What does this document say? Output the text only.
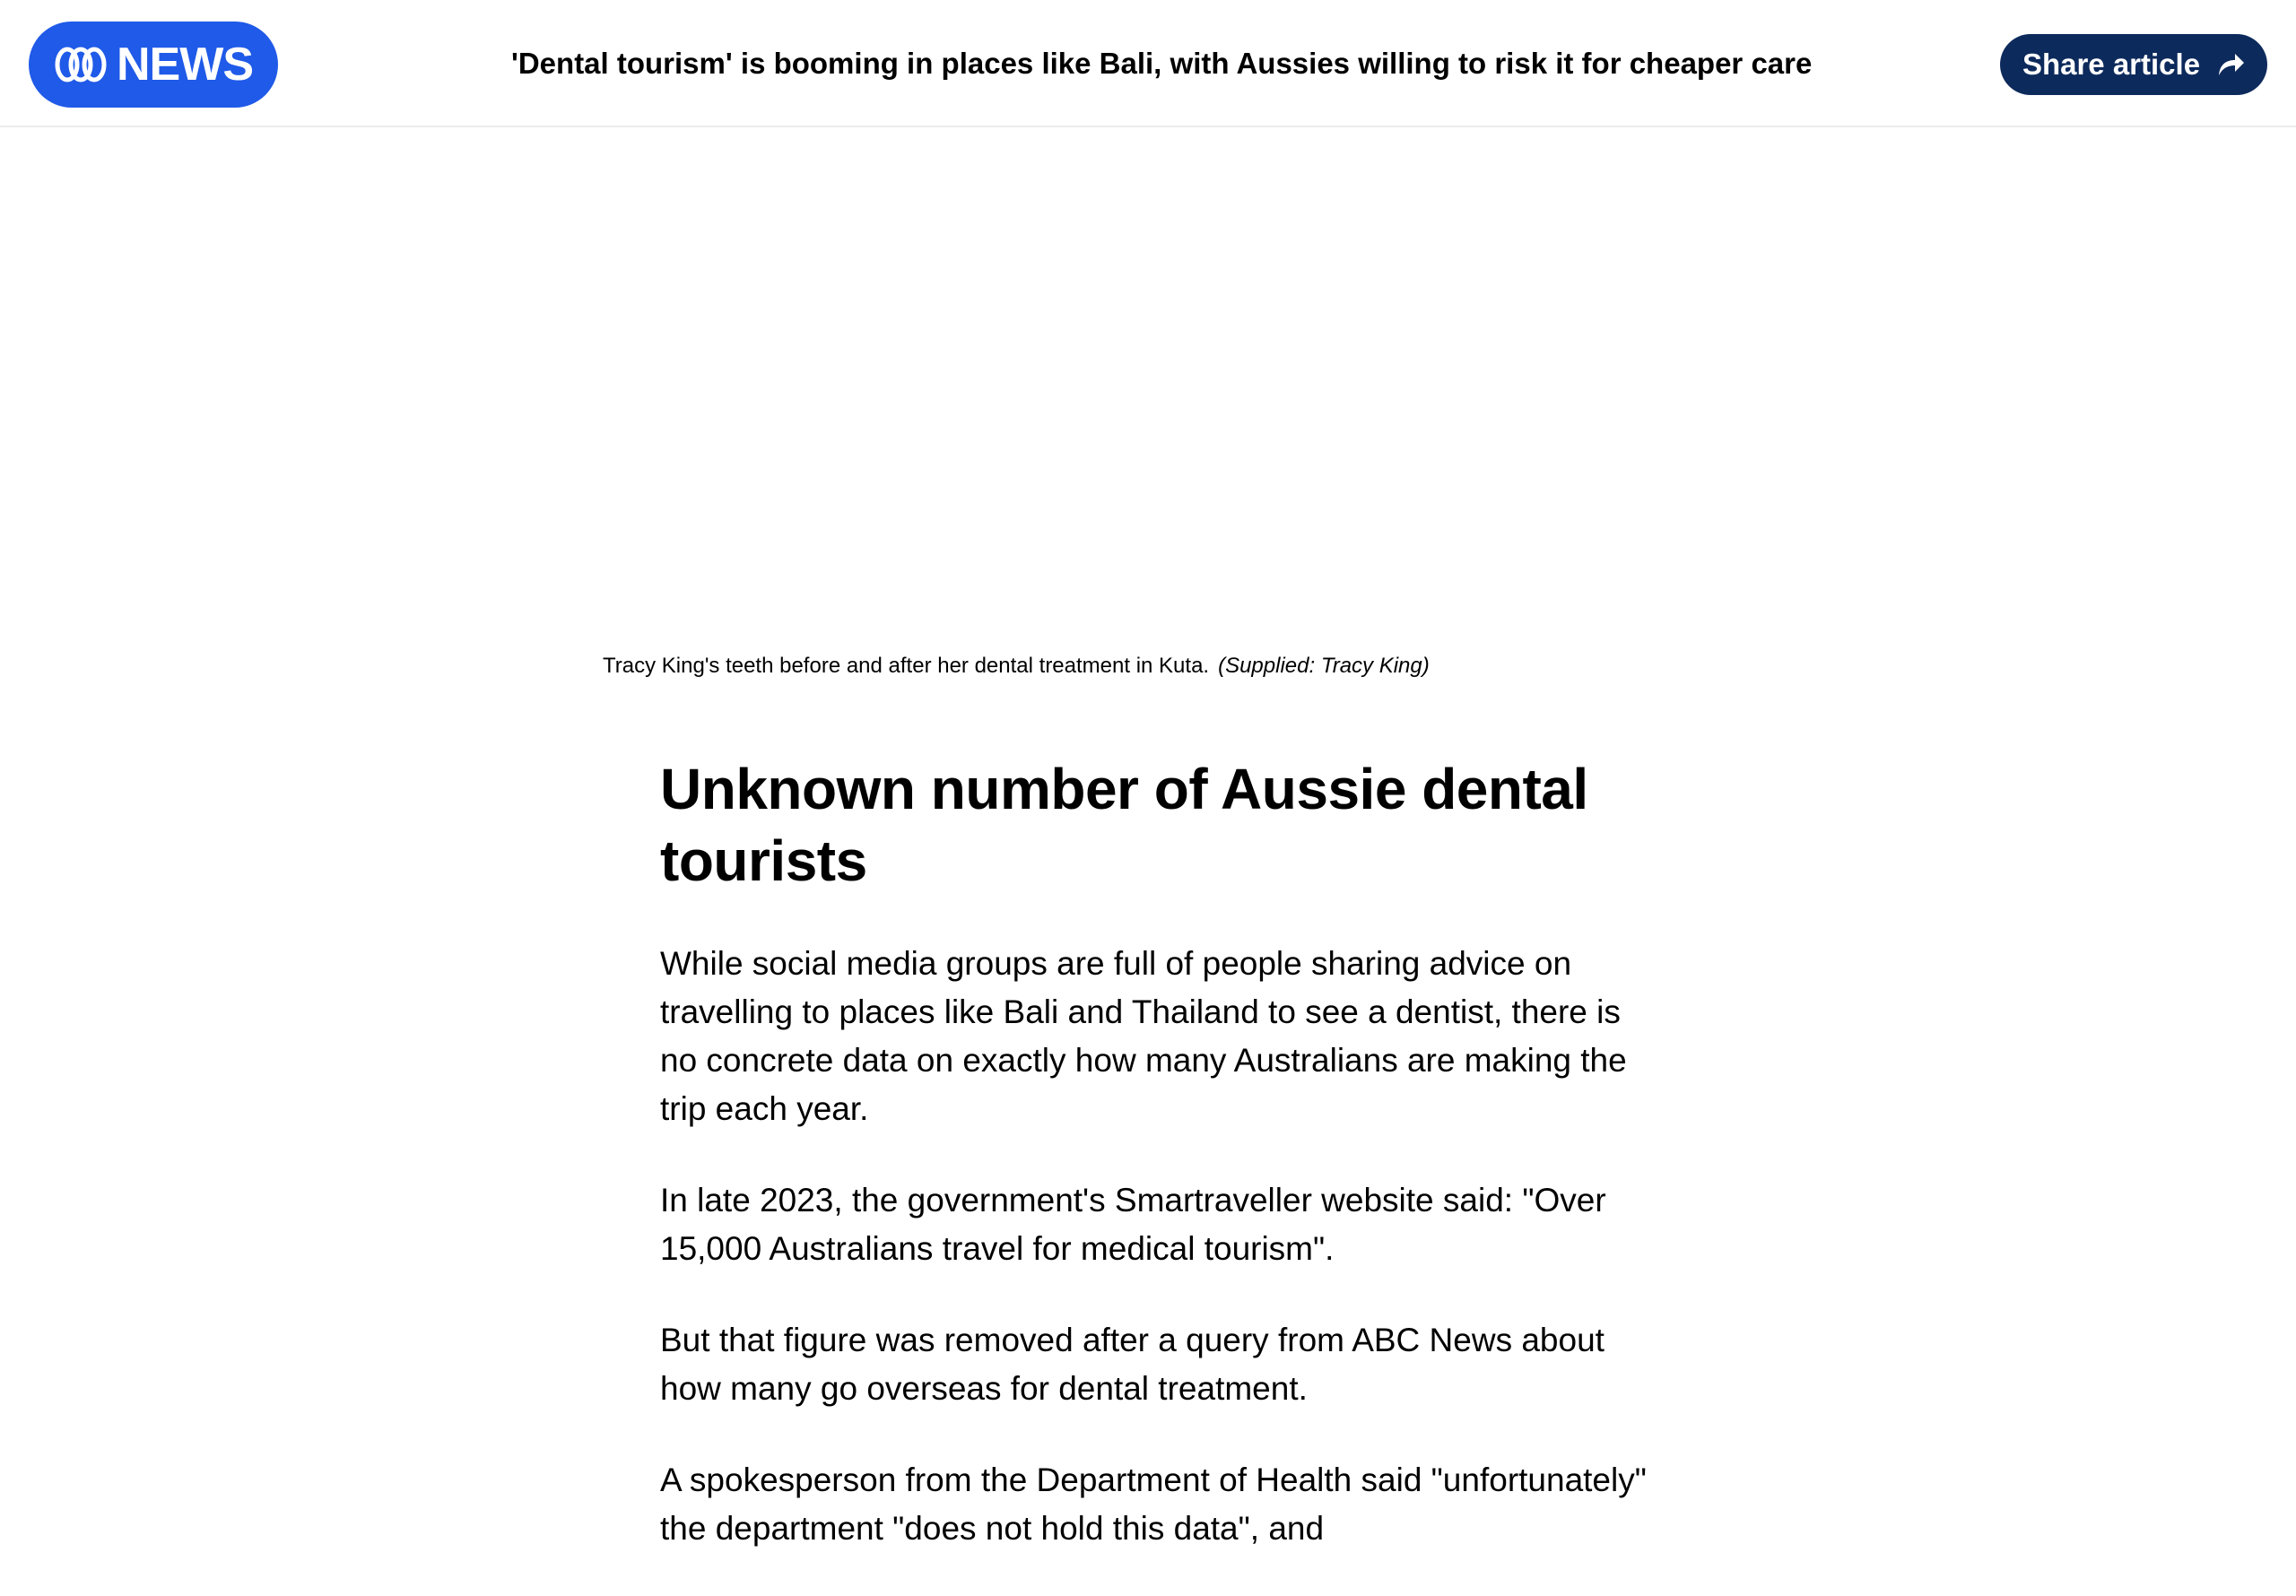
NEWS	'Dental tourism' is booming in places like Bali, with Aussies willing to risk it for cheaper care	Share article
Tracy King's teeth before and after her dental treatment in Kuta. (Supplied: Tracy King)
Unknown number of Aussie dental tourists

While social media groups are full of people sharing advice on travelling to places like Bali and Thailand to see a dentist, there is no concrete data on exactly how many Australians are making the trip each year.

In late 2023, the government's Smartraveller website said: "Over 15,000 Australians travel for medical tourism".

But that figure was removed after a query from ABC News about how many go overseas for dental treatment.

A spokesperson from the Department of Health said "unfortunately" the department "does not hold this data", and
